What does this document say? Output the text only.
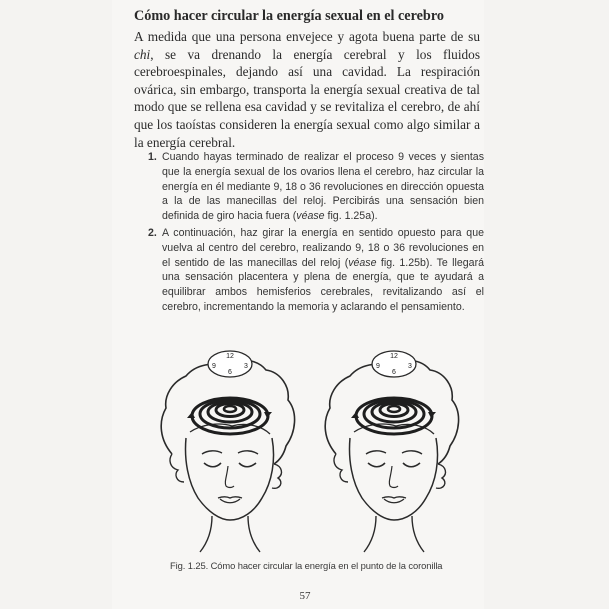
Cómo hacer circular la energía sexual en el cerebro

A medida que una persona envejece y agota buena parte de su chi, se va drenando la energía cerebral y los fluidos cerebroespinales, dejando así una cavidad. La respiración ovárica, sin embargo, transporta la energía sexual creativa de tal modo que se rellena esa cavidad y se revitaliza el cerebro, de ahí que los taoístas consideren la energía sexual como algo similar a la energía cerebral.

1. Cuando hayas terminado de realizar el proceso 9 veces y sientas que la energía sexual de los ovarios llena el cerebro, haz circular la energía en él mediante 9, 18 o 36 revoluciones en dirección opuesta a la de las manecillas del reloj. Percibirás una sensación bien definida de giro hacia fuera (véase fig. 1.25a).
2. A continuación, haz girar la energía en sentido opuesto para que vuelva al centro del cerebro, realizando 9, 18 o 36 revoluciones en el sentido de las manecillas del reloj (véase fig. 1.25b). Te llegará una sensación placentera y plena de energía, que te ayudará a equilibrar ambos hemisferios cerebrales, revitalizando así el cerebro, incrementando la memoria y aclarando el pensamiento.
12
9	3
6
12
9	3
6
Fig. 1.25. Cómo hacer circular la energía en el punto de la coronilla
57
